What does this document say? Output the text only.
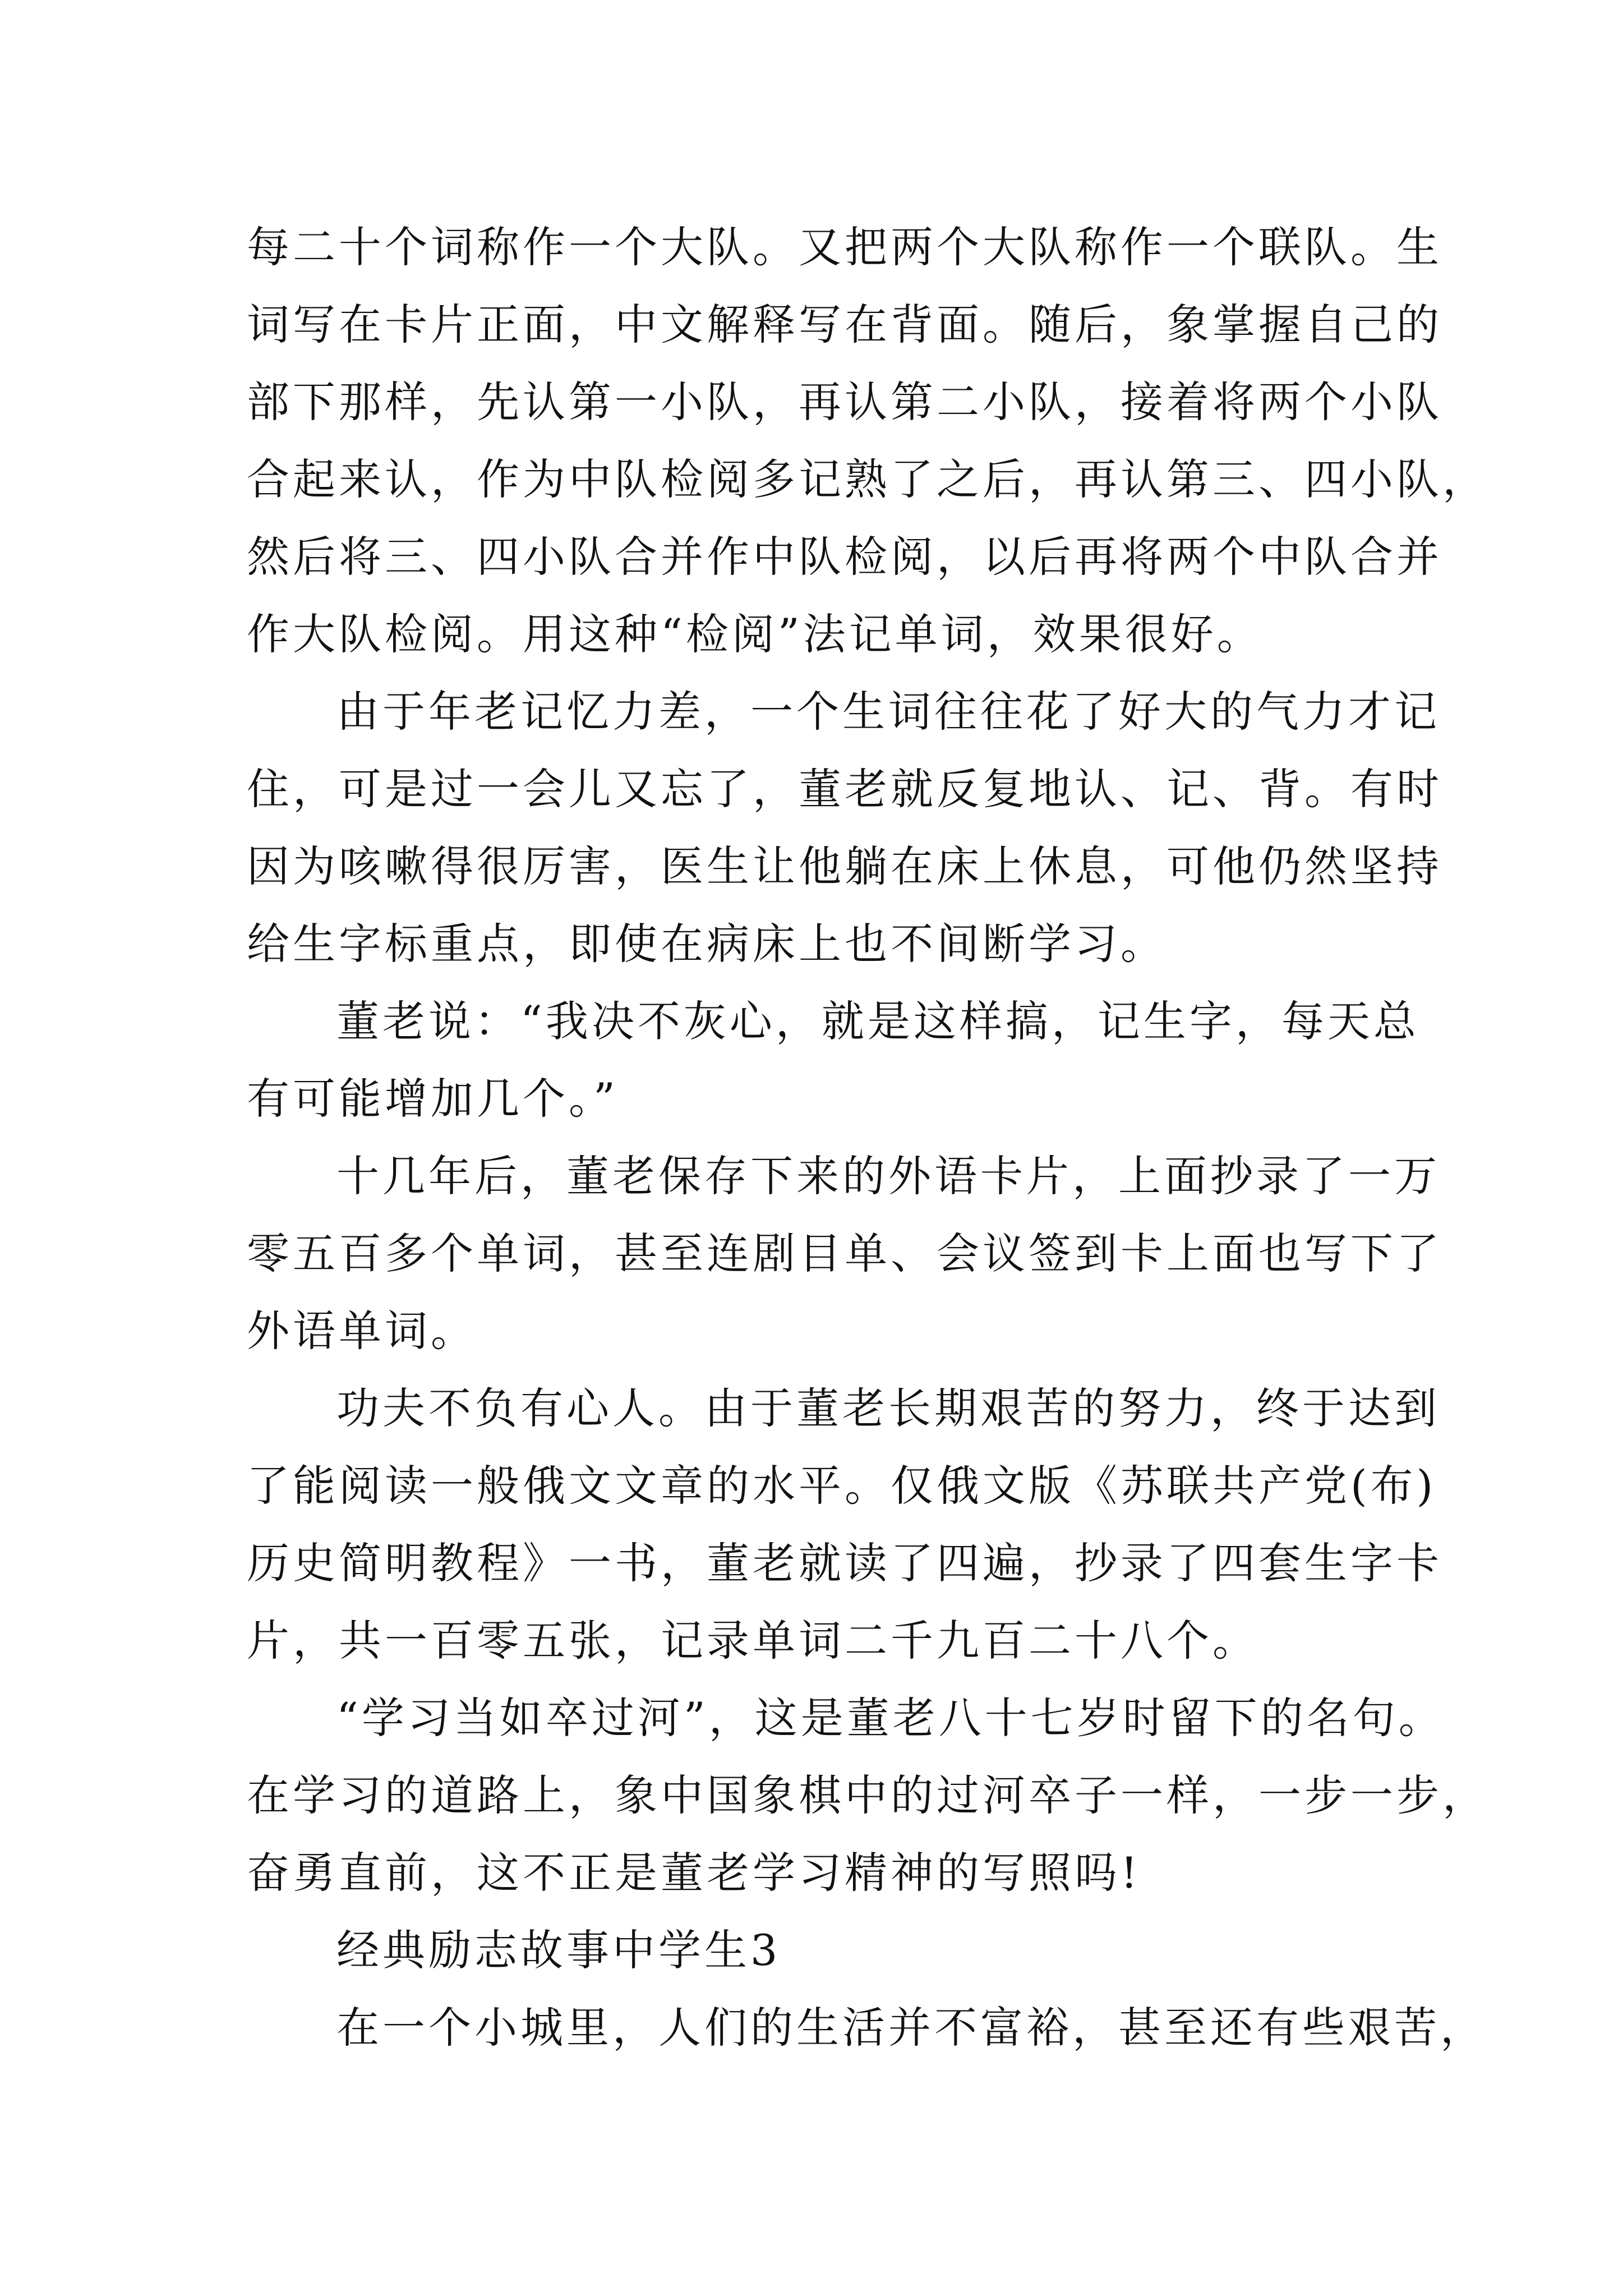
每二十个词称作一个大队。又把两个大队称作一个联队。生
词写在卡片正面，中文解释写在背面。随后，象掌握自己的
部下那样，先认第一小队，再认第二小队，接着将两个小队
合起来认，作为中队检阅多记熟了之后，再认第三、四小队，
然后将三、四小队合并作中队检阅，以后再将两个中队合并
作大队检阅。用这种“检阅”法记单词，效果很好。
由于年老记忆力差，一个生词往往花了好大的气力才记
住，可是过一会儿又忘了，董老就反复地认、记、背。有时
因为咳嗽得很厉害，医生让他躺在床上休息，可他仍然坚持
给生字标重点，即使在病床上也不间断学习。
董老说：“我决不灰心，就是这样搞，记生字，每天总
有可能增加几个。”
十几年后，董老保存下来的外语卡片，上面抄录了一万
零五百多个单词，甚至连剧目单、会议签到卡上面也写下了
外语单词。
功夫不负有心人。由于董老长期艰苦的努力，终于达到
了能阅读一般俄文文章的水平。仅俄文版《苏联共产党(布)
历史简明教程》一书，董老就读了四遍，抄录了四套生字卡
片，共一百零五张，记录单词二千九百二十八个。
“学习当如卒过河”，这是董老八十七岁时留下的名句。
在学习的道路上，象中国象棋中的过河卒子一样，一步一步，
奋勇直前，这不正是董老学习精神的写照吗!
经典励志故事中学生3
在一个小城里，人们的生活并不富裕，甚至还有些艰苦，
